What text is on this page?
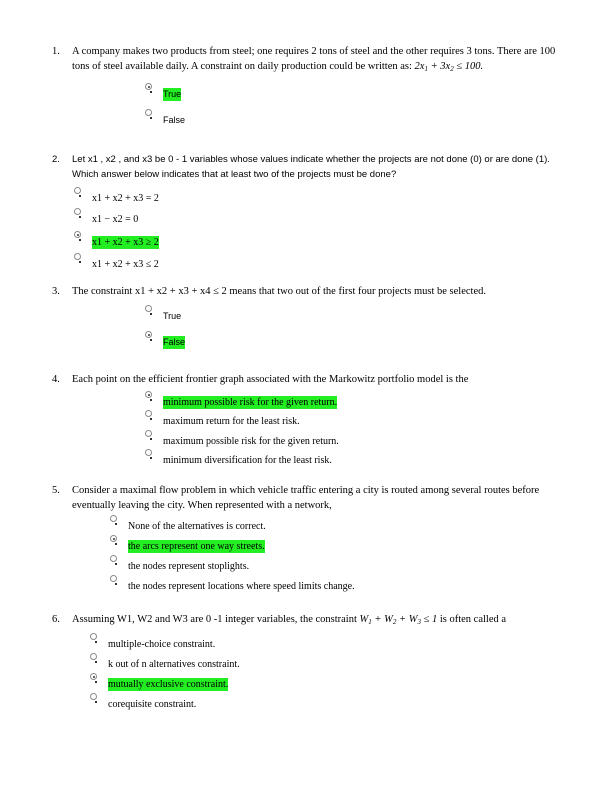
1. A company makes two products from steel; one requires 2 tons of steel and the other requires 3 tons. There are 100 tons of steel available daily. A constraint on daily production could be written as: $2x_1 + 3x_2 \le 100$.
True
False
2. Let x1 , x2 , and x3 be 0 - 1 variables whose values indicate whether the projects are not done (0) or are done (1). Which answer below indicates that at least two of the projects must be done?
x1 + x2 + x3 = 2
x1 − x2 = 0
x1 + x2 + x3 ≥ 2
x1 + x2 + x3 ≤ 2
3. The constraint x1 + x2 + x3 + x4 ≤ 2 means that two out of the first four projects must be selected.
True
False
4. Each point on the efficient frontier graph associated with the Markowitz portfolio model is the
minimum possible risk for the given return.
maximum return for the least risk.
maximum possible risk for the given return.
minimum diversification for the least risk.
5. Consider a maximal flow problem in which vehicle traffic entering a city is routed among several routes before eventually leaving the city. When represented with a network,
None of the alternatives is correct.
the arcs represent one way streets.
the nodes represent stoplights.
the nodes represent locations where speed limits change.
6. Assuming W1, W2 and W3 are 0 -1 integer variables, the constraint $W_1 + W_2 + W_3 \le 1$ is often called a
multiple-choice constraint.
k out of n alternatives constraint.
mutually exclusive constraint.
corequisite constraint.
